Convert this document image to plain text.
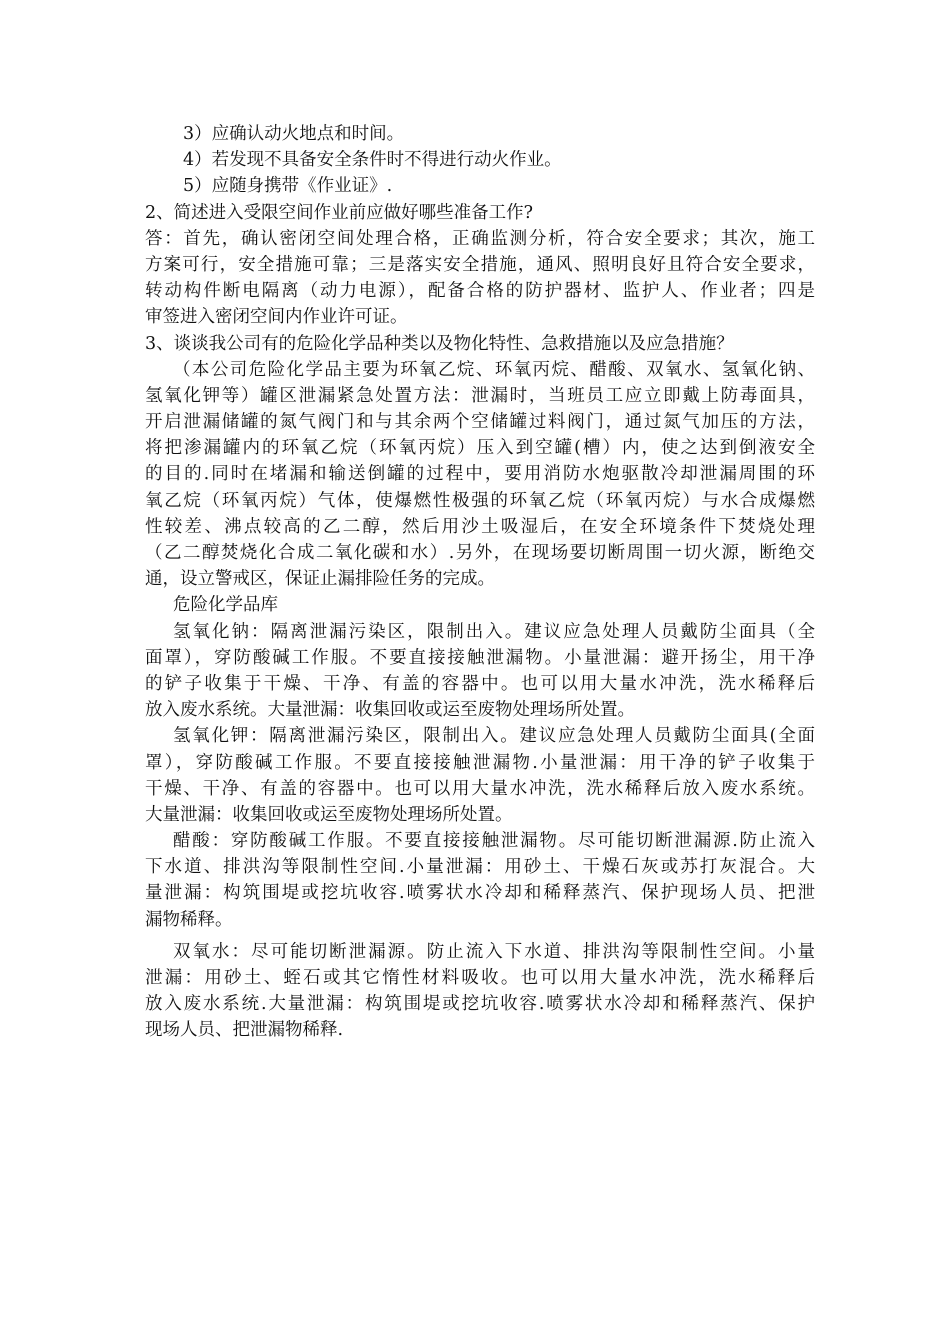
3）应确认动火地点和时间。
4）若发现不具备安全条件时不得进行动火作业。
5）应随身携带《作业证》.
2、简述进入受限空间作业前应做好哪些准备工作?
答：首先，确认密闭空间处理合格，正确监测分析，符合安全要求；其次，施工
方案可行，安全措施可靠；三是落实安全措施，通风、照明良好且符合安全要求，
转动构件断电隔离（动力电源），配备合格的防护器材、监护人、作业者；四是
审签进入密闭空间内作业许可证。
3、谈谈我公司有的危险化学品种类以及物化特性、急救措施以及应急措施？
（本公司危险化学品主要为环氧乙烷、环氧丙烷、醋酸、双氧水、氢氧化钠、
氢氧化钾等）罐区泄漏紧急处置方法：泄漏时，当班员工应立即戴上防毒面具，
开启泄漏储罐的氮气阀门和与其余两个空储罐过料阀门，通过氮气加压的方法，
将把渗漏罐内的环氧乙烷（环氧丙烷）压入到空罐(槽）内，使之达到倒液安全
的目的.同时在堵漏和输送倒罐的过程中，要用消防水炮驱散冷却泄漏周围的环
氧乙烷（环氧丙烷）气体，使爆燃性极强的环氧乙烷（环氧丙烷）与水合成爆燃
性较差、沸点较高的乙二醇，然后用沙土吸湿后，在安全环境条件下焚烧处理
（乙二醇焚烧化合成二氧化碳和水）.另外，在现场要切断周围一切火源，断绝交
通，设立警戒区，保证止漏排险任务的完成。
危险化学品库
氢氧化钠：隔离泄漏污染区，限制出入。建议应急处理人员戴防尘面具（全
面罩），穿防酸碱工作服。不要直接接触泄漏物。小量泄漏：避开扬尘，用干净
的铲子收集于干燥、干净、有盖的容器中。也可以用大量水冲洗，洗水稀释后
放入废水系统。大量泄漏：收集回收或运至废物处理场所处置。
氢氧化钾：隔离泄漏污染区，限制出入。建议应急处理人员戴防尘面具(全面
罩），穿防酸碱工作服。不要直接接触泄漏物.小量泄漏：用干净的铲子收集于
干燥、干净、有盖的容器中。也可以用大量水冲洗，洗水稀释后放入废水系统。
大量泄漏：收集回收或运至废物处理场所处置。
醋酸：穿防酸碱工作服。不要直接接触泄漏物。尽可能切断泄漏源.防止流入
下水道、排洪沟等限制性空间.小量泄漏：用砂土、干燥石灰或苏打灰混合。大
量泄漏：构筑围堤或挖坑收容.喷雾状水冷却和稀释蒸汽、保护现场人员、把泄
漏物稀释。
双氧水：尽可能切断泄漏源。防止流入下水道、排洪沟等限制性空间。小量
泄漏：用砂土、蛭石或其它惰性材料吸收。也可以用大量水冲洗，洗水稀释后
放入废水系统.大量泄漏：构筑围堤或挖坑收容.喷雾状水冷却和稀释蒸汽、保护
现场人员、把泄漏物稀释.
